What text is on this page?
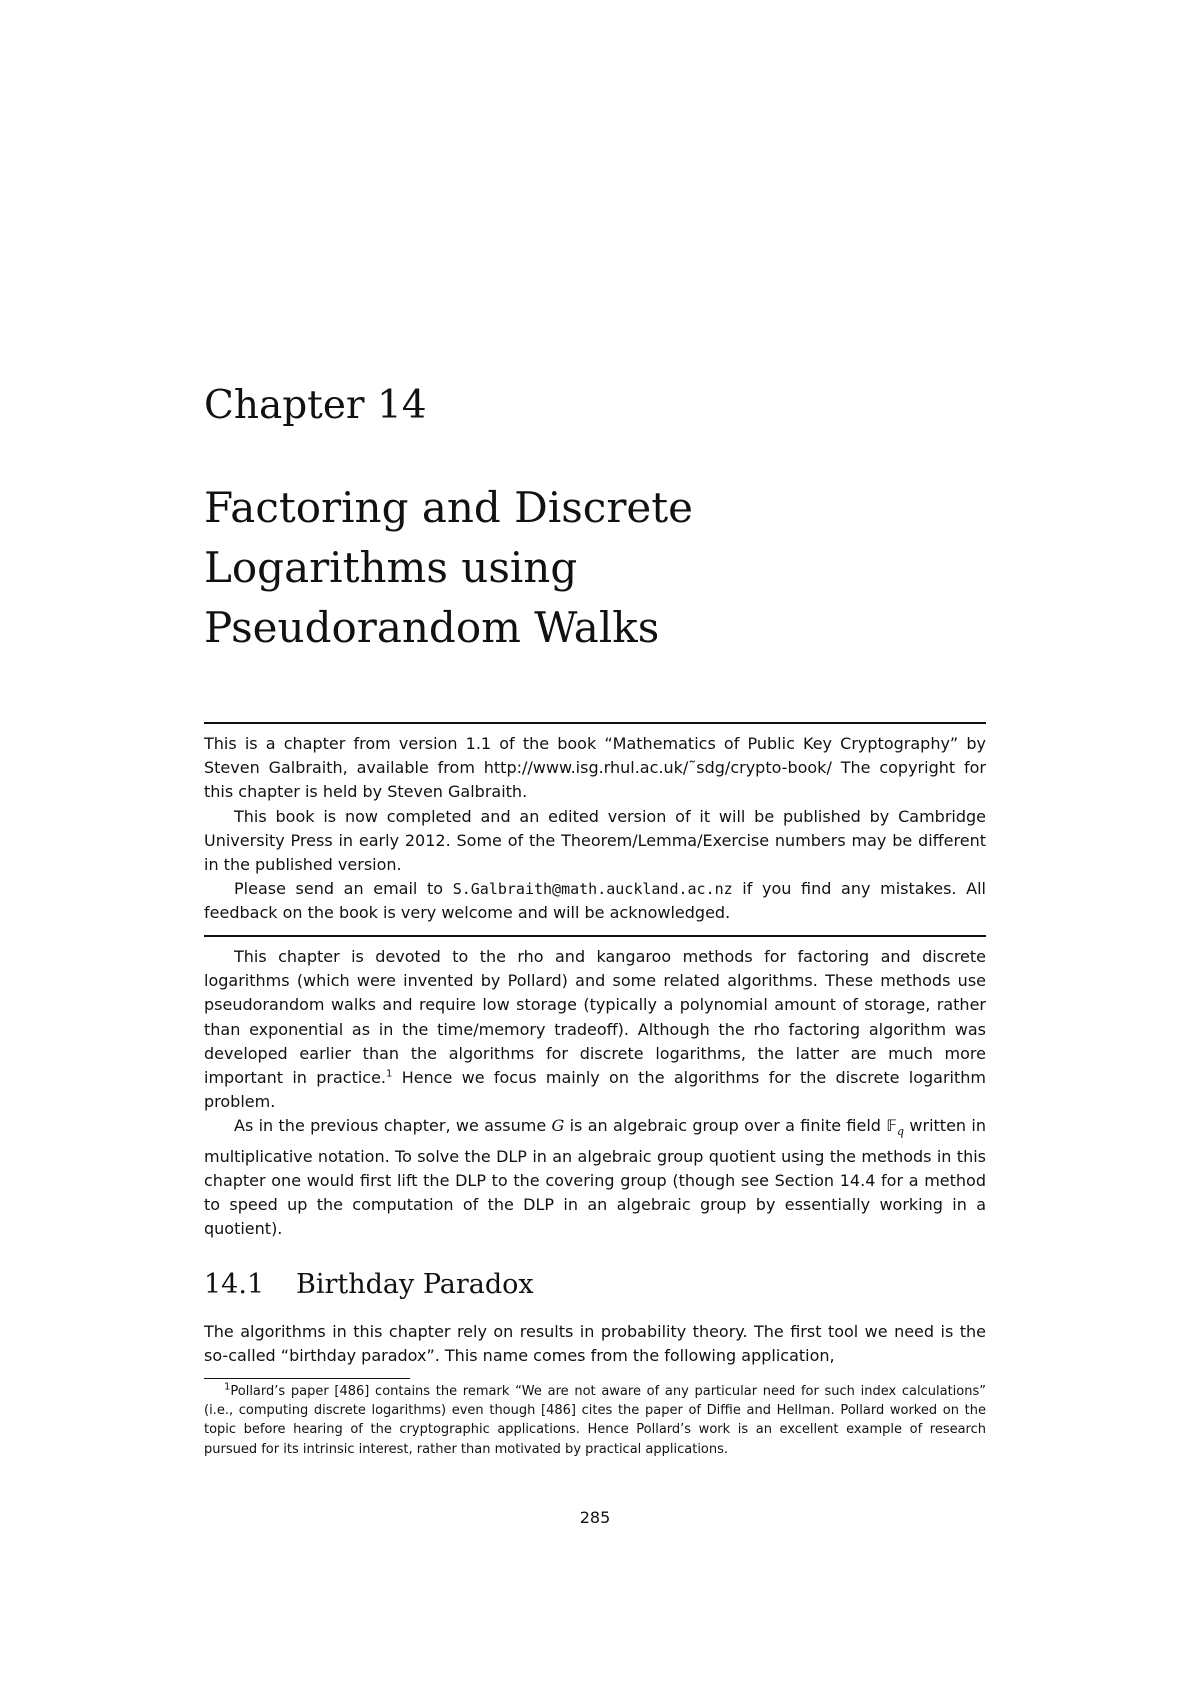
Chapter 14
Factoring and Discrete
Logarithms using
Pseudorandom Walks

This is a chapter from version 1.1 of the book “Mathematics of Public Key Cryptography” by Steven Galbraith, available from http://www.isg.rhul.ac.uk/˜sdg/crypto-book/ The copyright for this chapter is held by Steven Galbraith.

This book is now completed and an edited version of it will be published by Cambridge University Press in early 2012. Some of the Theorem/Lemma/Exercise numbers may be different in the published version.

Please send an email to S.Galbraith@math.auckland.ac.nz if you find any mistakes. All feedback on the book is very welcome and will be acknowledged.

This chapter is devoted to the rho and kangaroo methods for factoring and discrete logarithms (which were invented by Pollard) and some related algorithms. These methods use pseudorandom walks and require low storage (typically a polynomial amount of storage, rather than exponential as in the time/memory tradeoff). Although the rho factoring algorithm was developed earlier than the algorithms for discrete logarithms, the latter are much more important in practice.$^1$ Hence we focus mainly on the algorithms for the discrete logarithm problem.

As in the previous chapter, we assume G is an algebraic group over a finite field 𝔽$_q$ written in multiplicative notation. To solve the DLP in an algebraic group quotient using the methods in this chapter one would first lift the DLP to the covering group (though see Section 14.4 for a method to speed up the computation of the DLP in an algebraic group by essentially working in a quotient).

14.1 Birthday Paradox

The algorithms in this chapter rely on results in probability theory. The first tool we need is the so-called “birthday paradox”. This name comes from the following application,

$^1$Pollard’s paper [486] contains the remark “We are not aware of any particular need for such index calculations” (i.e., computing discrete logarithms) even though [486] cites the paper of Diffie and Hellman. Pollard worked on the topic before hearing of the cryptographic applications. Hence Pollard’s work is an excellent example of research pursued for its intrinsic interest, rather than motivated by practical applications.

285
